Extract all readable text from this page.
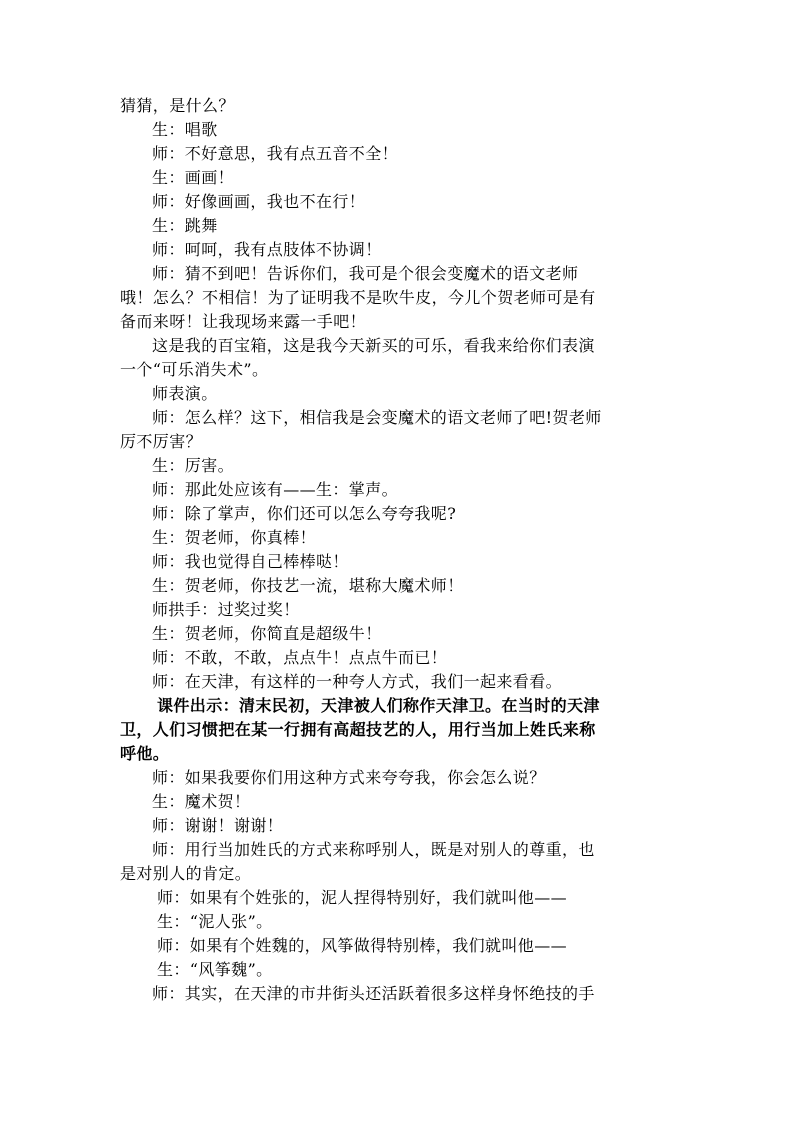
猜猜，是什么？
生：唱歌
师：不好意思，我有点五音不全！
生：画画！
师：好像画画，我也不在行！
生：跳舞
师：呵呵，我有点肢体不协调！
师：猜不到吧！告诉你们，我可是个很会变魔术的语文老师
哦！怎么？不相信！为了证明我不是吹牛皮，今儿个贺老师可是有
备而来呀！让我现场来露一手吧！
这是我的百宝箱，这是我今天新买的可乐，看我来给你们表演
一个“可乐消失术”。
师表演。
师：怎么样？这下，相信我是会变魔术的语文老师了吧!贺老师
厉不厉害？
生：厉害。
师：那此处应该有——生：掌声。
师：除了掌声，你们还可以怎么夸夸我呢?
生：贺老师，你真棒！
师：我也觉得自己棒棒哒！
生：贺老师，你技艺一流，堪称大魔术师！
师拱手：过奖过奖！
生：贺老师，你简直是超级牛！
师：不敢，不敢，点点牛！点点牛而已！
师：在天津，有这样的一种夸人方式，我们一起来看看。
课件出示：清末民初，天津被人们称作天津卫。在当时的天津
卫，人们习惯把在某一行拥有高超技艺的人，用行当加上姓氏来称
呼他。
师：如果我要你们用这种方式来夸夸我，你会怎么说？
生：魔术贺！
师：谢谢！谢谢！
师：用行当加姓氏的方式来称呼别人，既是对别人的尊重，也
是对别人的肯定。
师：如果有个姓张的，泥人捏得特别好，我们就叫他——
生：“泥人张”。
师：如果有个姓魏的，风筝做得特别棒，我们就叫他——
生：“风筝魏”。
师：其实，在天津的市井街头还活跃着很多这样身怀绝技的手
